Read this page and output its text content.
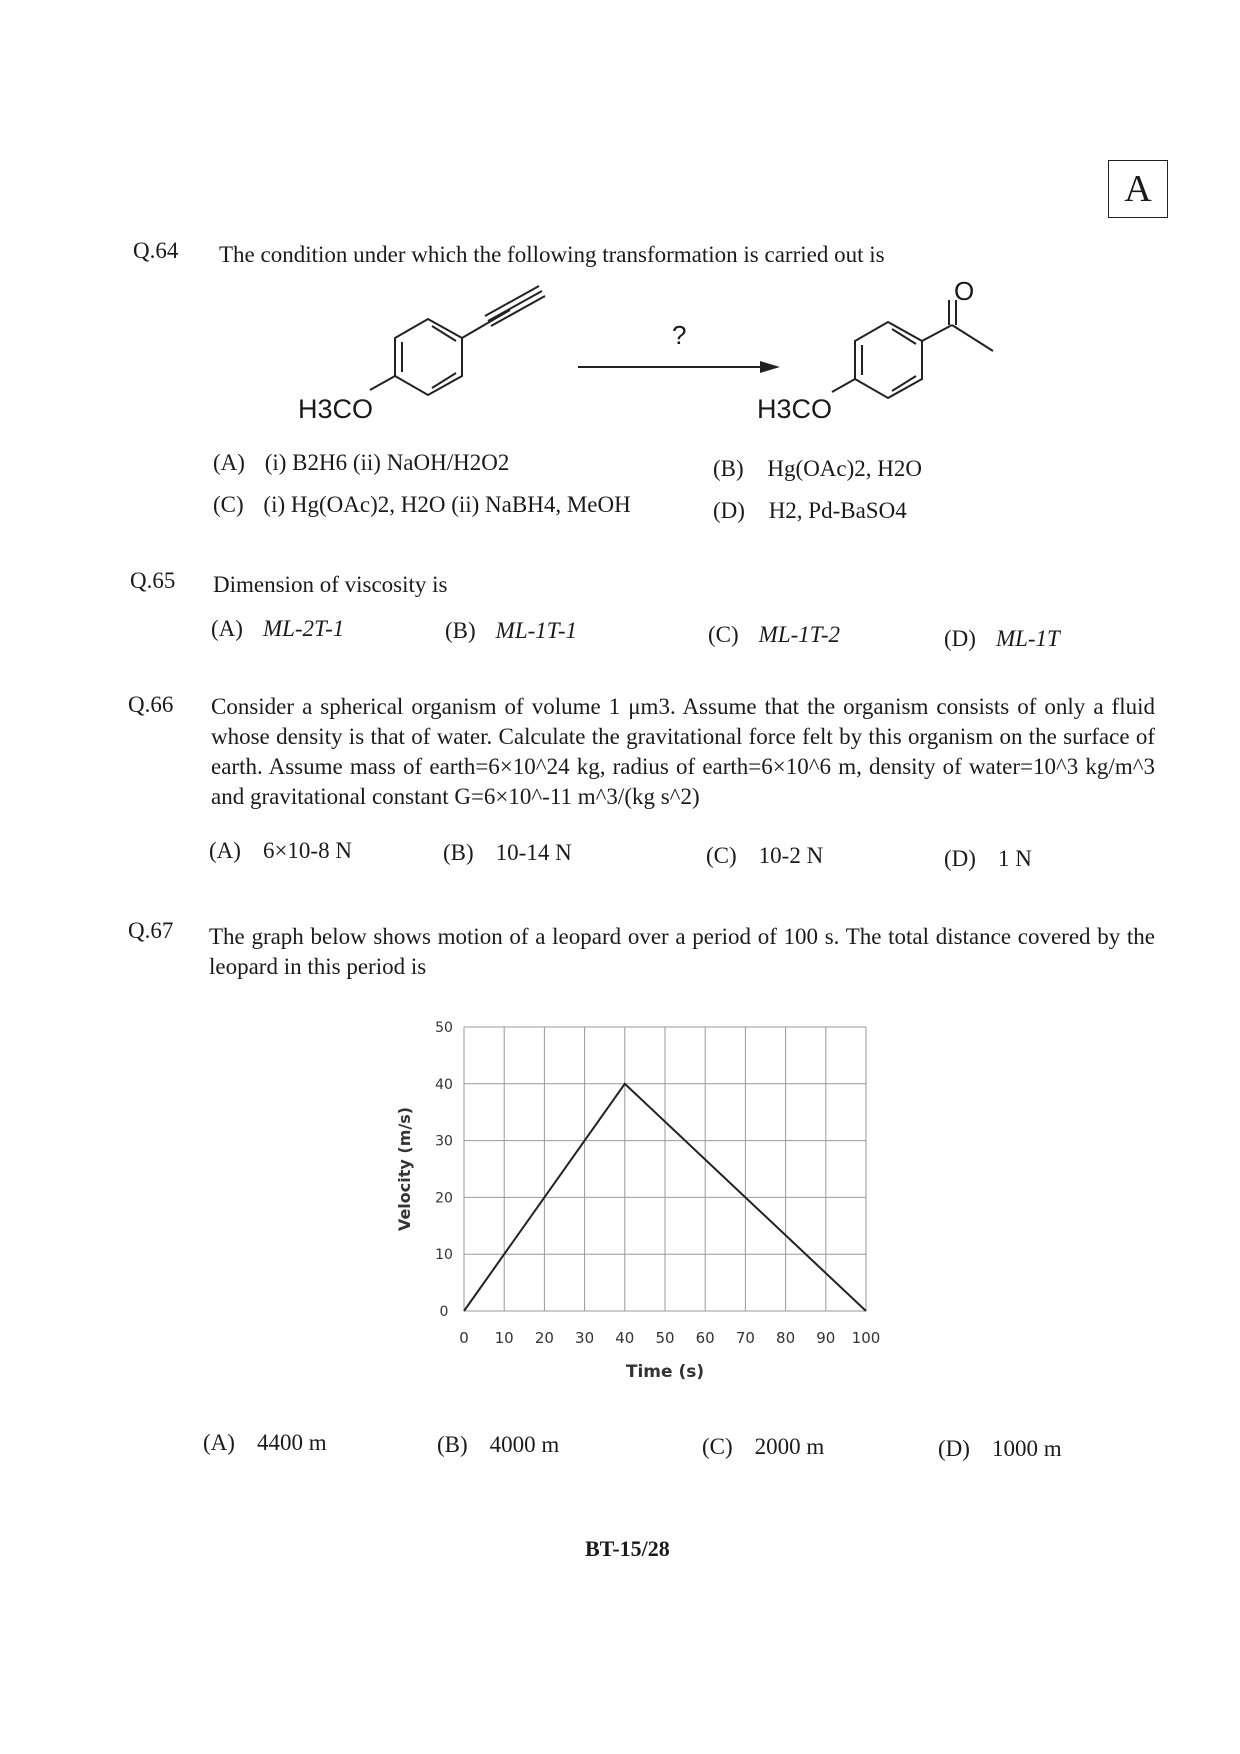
A
Q.64 The condition under which the following transformation is carried out is
O
?
H3CO	H3CO
(A) (i) B2H6 (ii) NaOH/H2O2	(B) Hg(OAc)2, H2O
(C) (i) Hg(OAc)2, H2O (ii) NaBH4, MeOH	(D) H2, Pd-BaSO4
Q.65 Dimension of viscosity is
(A) ML-2T-1	(B) ML-1T-1	(C) ML-1T-2	(D) ML-1T
Q.66 Consider a spherical organism of volume 1 μm3. Assume that the organism consists of only a fluid whose density is that of water. Calculate the gravitational force felt by this organism on the surface of earth. Assume mass of earth=6×10^24 kg, radius of earth=6×10^6 m, density of water=10^3 kg/m^3 and gravitational constant G=6×10^-11 m^3/(kg s^2)
(A) 6×10-8 N	(B) 10-14 N	(C) 10-2 N	(D) 1 N
Q.67 The graph below shows motion of a leopard over a period of 100 s. The total distance covered by the leopard in this period is
0
10
20
30
40
50
0 10 20 30 40 50 60 70 80 90 100
Velocity (m/s)
Time (s)
(A) 4400 m	(B) 4000 m	(C) 2000 m	(D) 1000 m
BT-15/28
